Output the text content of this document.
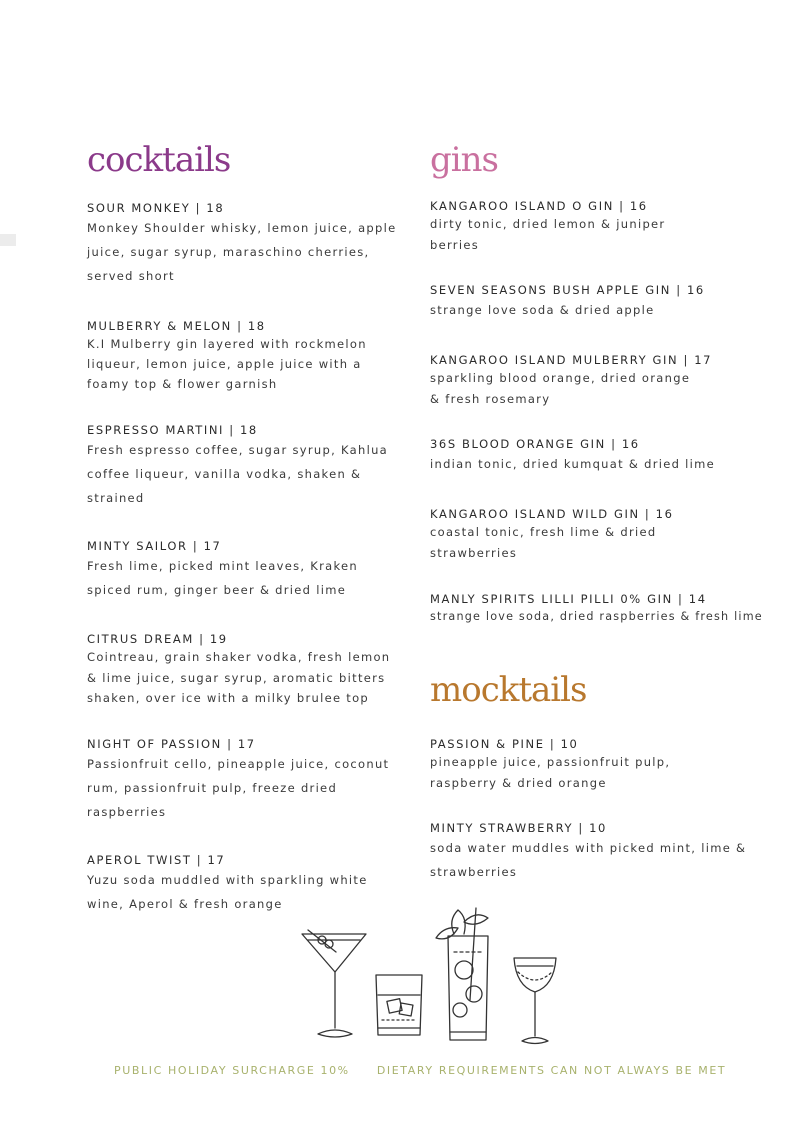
cocktails
SOUR MONKEY | 18
Monkey Shoulder whisky, lemon juice, apple juice, sugar syrup, maraschino cherries, served short
MULBERRY & MELON | 18
K.I Mulberry gin layered with rockmelon liqueur, lemon juice, apple juice with a foamy top & flower garnish
ESPRESSO MARTINI | 18
Fresh espresso coffee, sugar syrup, Kahlua coffee liqueur, vanilla vodka, shaken & strained
MINTY SAILOR | 17
Fresh lime, picked mint leaves, Kraken spiced rum, ginger beer & dried lime
CITRUS DREAM | 19
Cointreau, grain shaker vodka, fresh lemon & lime juice, sugar syrup, aromatic bitters shaken, over ice with a milky brulee top
NIGHT OF PASSION | 17
Passionfruit cello, pineapple juice, coconut rum, passionfruit pulp, freeze dried raspberries
APEROL TWIST | 17
Yuzu soda muddled with sparkling white wine, Aperol & fresh orange
gins
KANGAROO ISLAND O GIN | 16
dirty tonic, dried lemon & juniper berries
SEVEN SEASONS BUSH APPLE GIN | 16
strange love soda & dried apple
KANGAROO ISLAND MULBERRY GIN | 17
sparkling blood orange, dried orange & fresh rosemary
36S BLOOD ORANGE GIN | 16
indian tonic, dried kumquat & dried lime
KANGAROO ISLAND WILD GIN | 16
coastal tonic, fresh lime & dried strawberries
MANLY SPIRITS LILLI PILLI 0% GIN | 14
strange love soda, dried raspberries & fresh lime
mocktails
PASSION & PINE | 10
pineapple juice, passionfruit pulp, raspberry & dried orange
MINTY STRAWBERRY | 10
soda water muddles with picked mint, lime & strawberries
PUBLIC HOLIDAY SURCHARGE 10% DIETARY REQUIREMENTS CAN NOT ALWAYS BE MET
